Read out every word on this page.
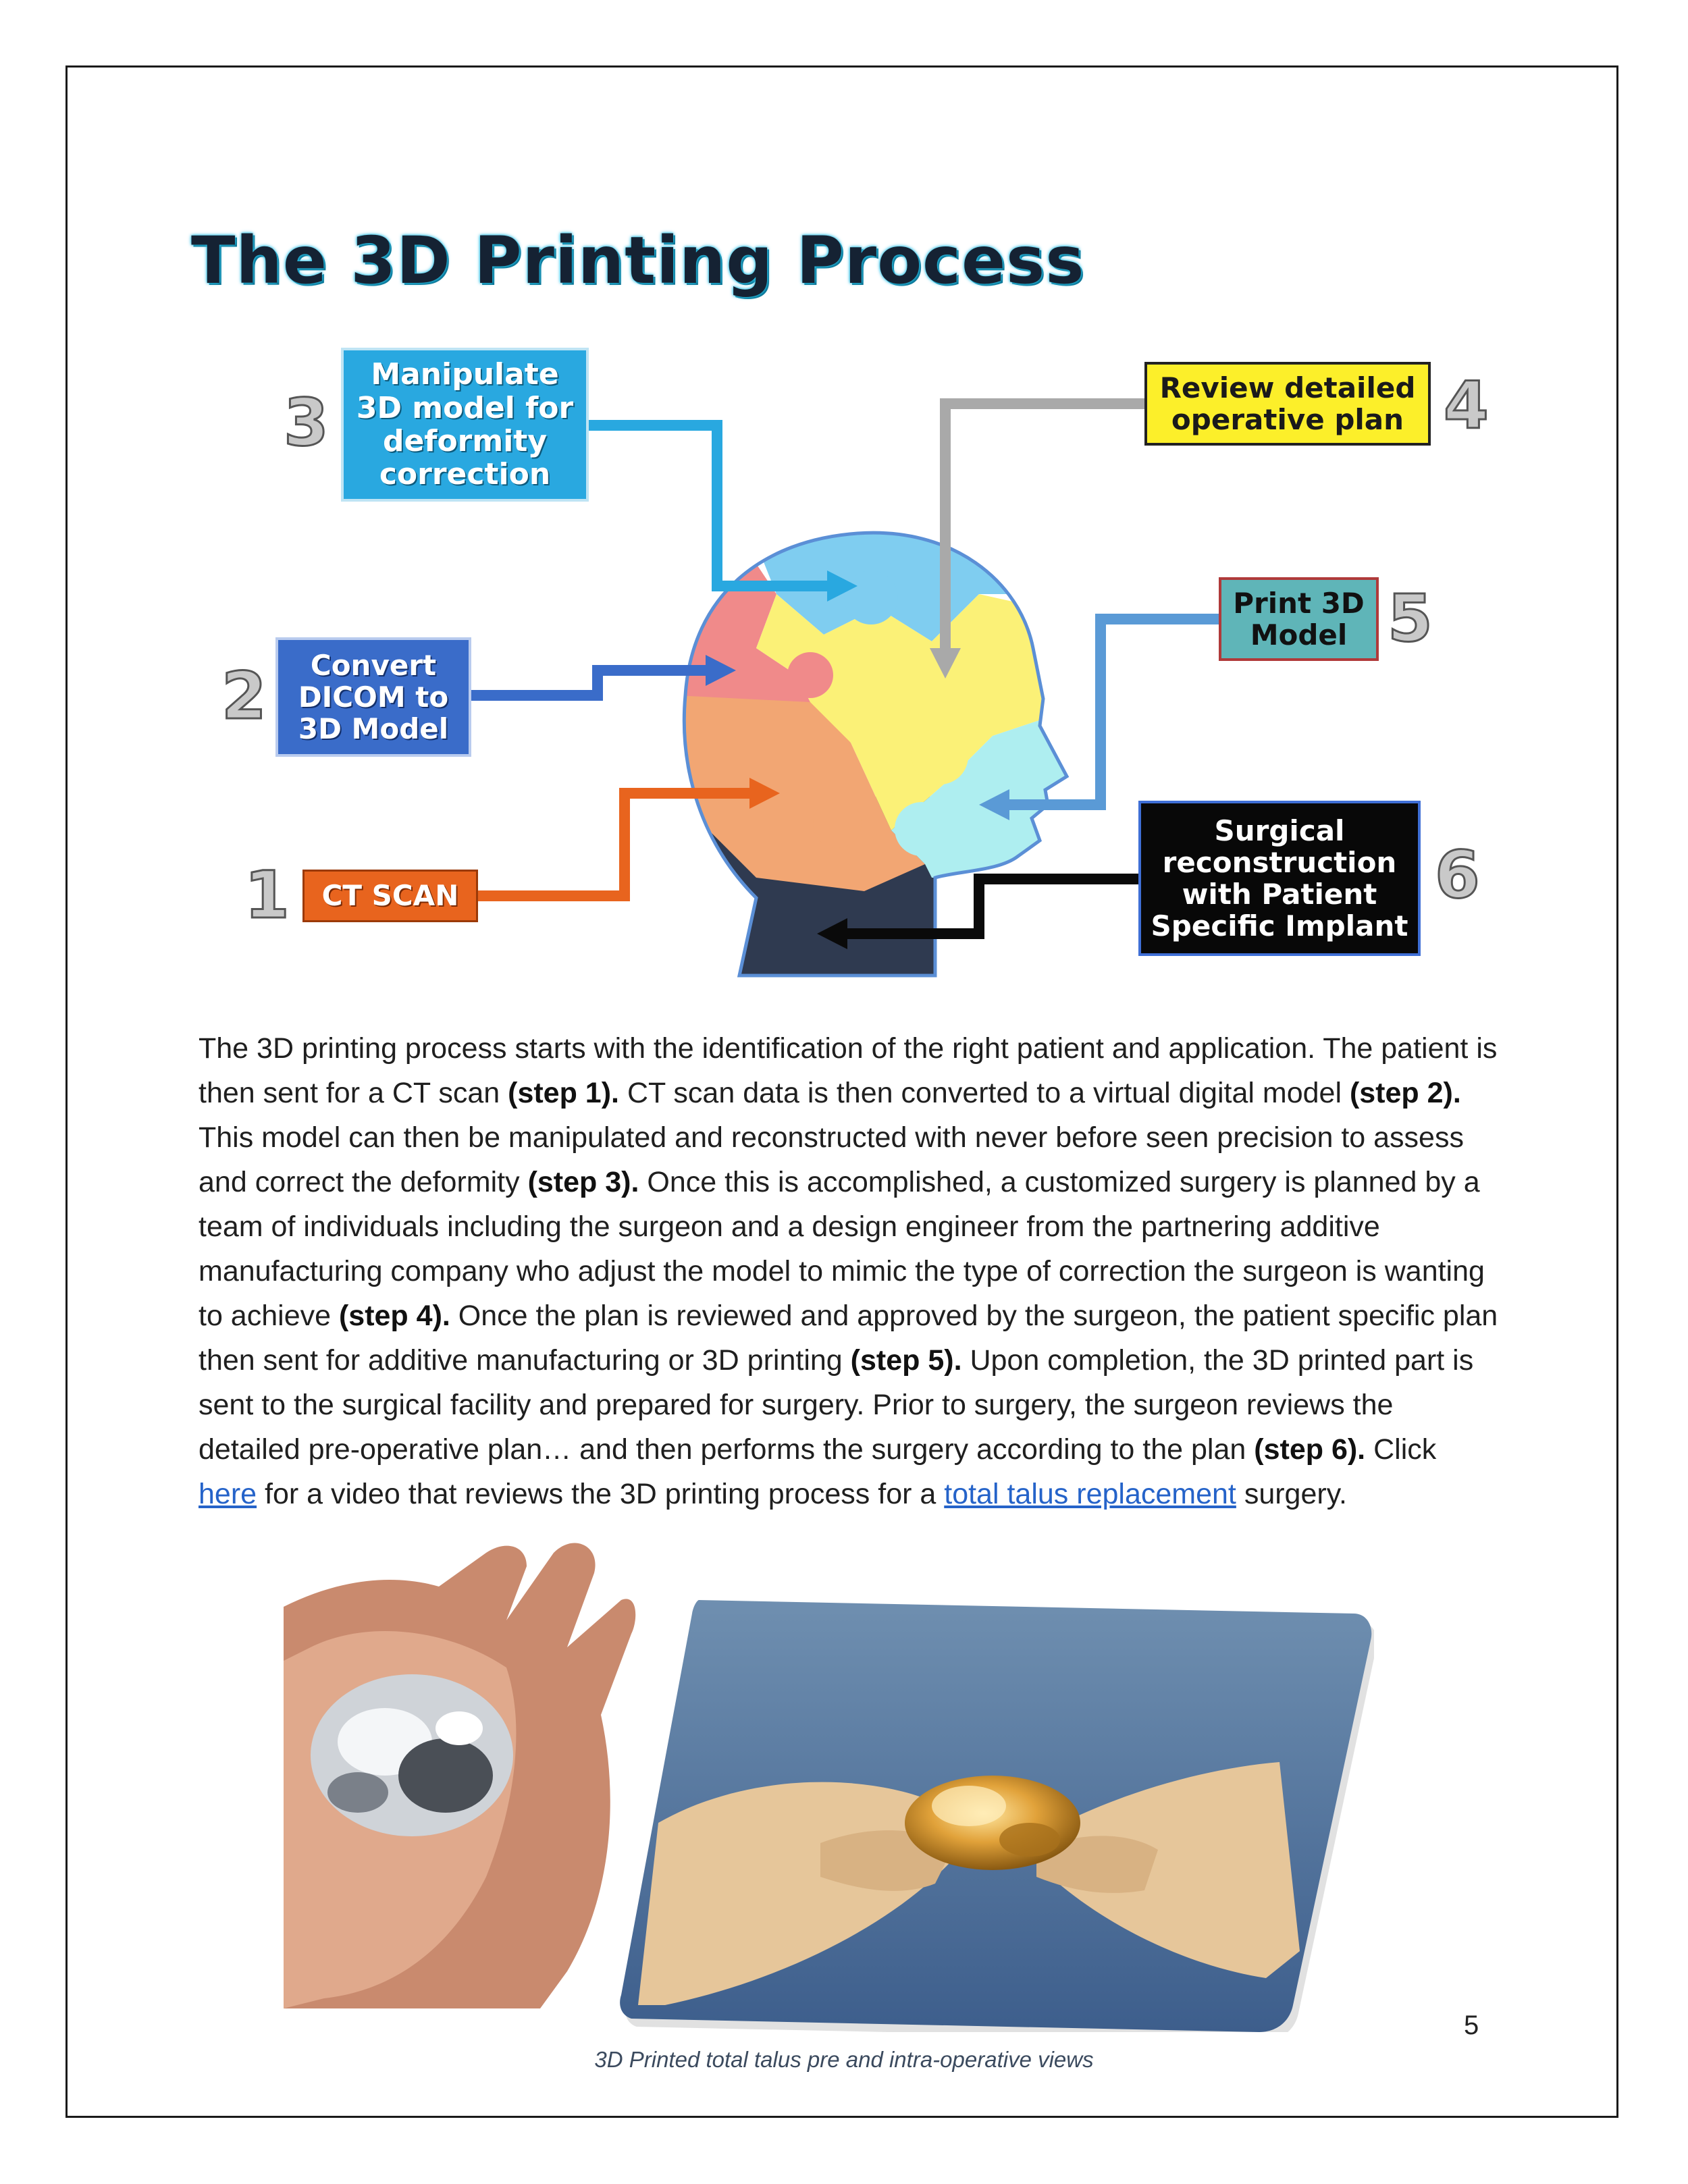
The 3D Printing Process
Manipulate
3D model for
deformity
correction
3
Convert
DICOM to
3D Model
2
CT SCAN
1
Review detailed
operative plan 4
Print 3D
Model 5
Surgical
reconstruction
with Patient
Specific Implant
6

The 3D printing process starts with the identification of the right patient and application. The patient is then sent for a CT scan (step 1). CT scan data is then converted to a virtual digital model (step 2). This model can then be manipulated and reconstructed with never before seen precision to assess and correct the deformity (step 3). Once this is accomplished, a customized surgery is planned by a team of individuals including the surgeon and a design engineer from the partnering additive manufacturing company who adjust the model to mimic the type of correction the surgeon is wanting to achieve (step 4). Once the plan is reviewed and approved by the surgeon, the patient specific plan then sent for additive manufacturing or 3D printing (step 5). Upon completion, the 3D printed part is sent to the surgical facility and prepared for surgery. Prior to surgery, the surgeon reviews the detailed pre-operative plan… and then performs the surgery according to the plan (step 6). Click here for a video that reviews the 3D printing process for a total talus replacement surgery.

5
3D Printed total talus pre and intra-operative views
